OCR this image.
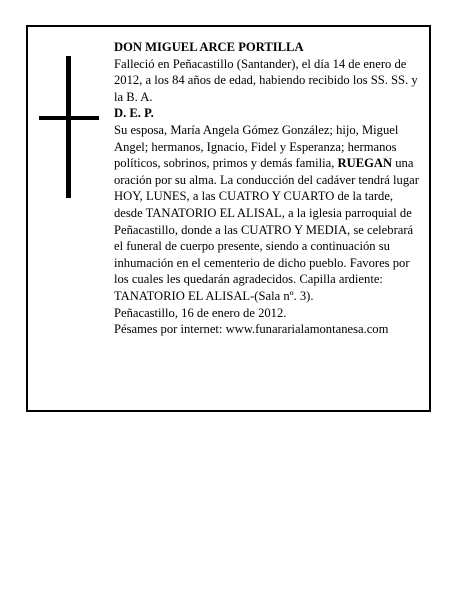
DON MIGUEL ARCE PORTILLA

Falleció en Peñacastillo (Santander), el día 14 de enero de 2012, a los 84 años de edad, habiendo recibido los SS. SS. y la B. A.

D. E. P.

Su esposa, María Angela Gómez González; hijo, Miguel Angel; hermanos, Ignacio, Fidel y Esperanza; hermanos políticos, sobrinos, primos y demás familia, RUEGAN una oración por su alma. La conducción del cadáver tendrá lugar HOY, LUNES, a las CUATRO Y CUARTO de la tarde, desde TANATORIO EL ALISAL, a la iglesia parroquial de Peñacastillo, donde a las CUATRO Y MEDIA, se celebrará el funeral de cuerpo presente, siendo a continuación su inhumación en el cementerio de dicho pueblo. Favores por los cuales les quedarán agradecidos. Capilla ardiente: TANATORIO EL ALISAL-(Sala nº. 3).

Peñacastillo, 16 de enero de 2012.

Pésames por internet: www.funararialamontanesa.com
